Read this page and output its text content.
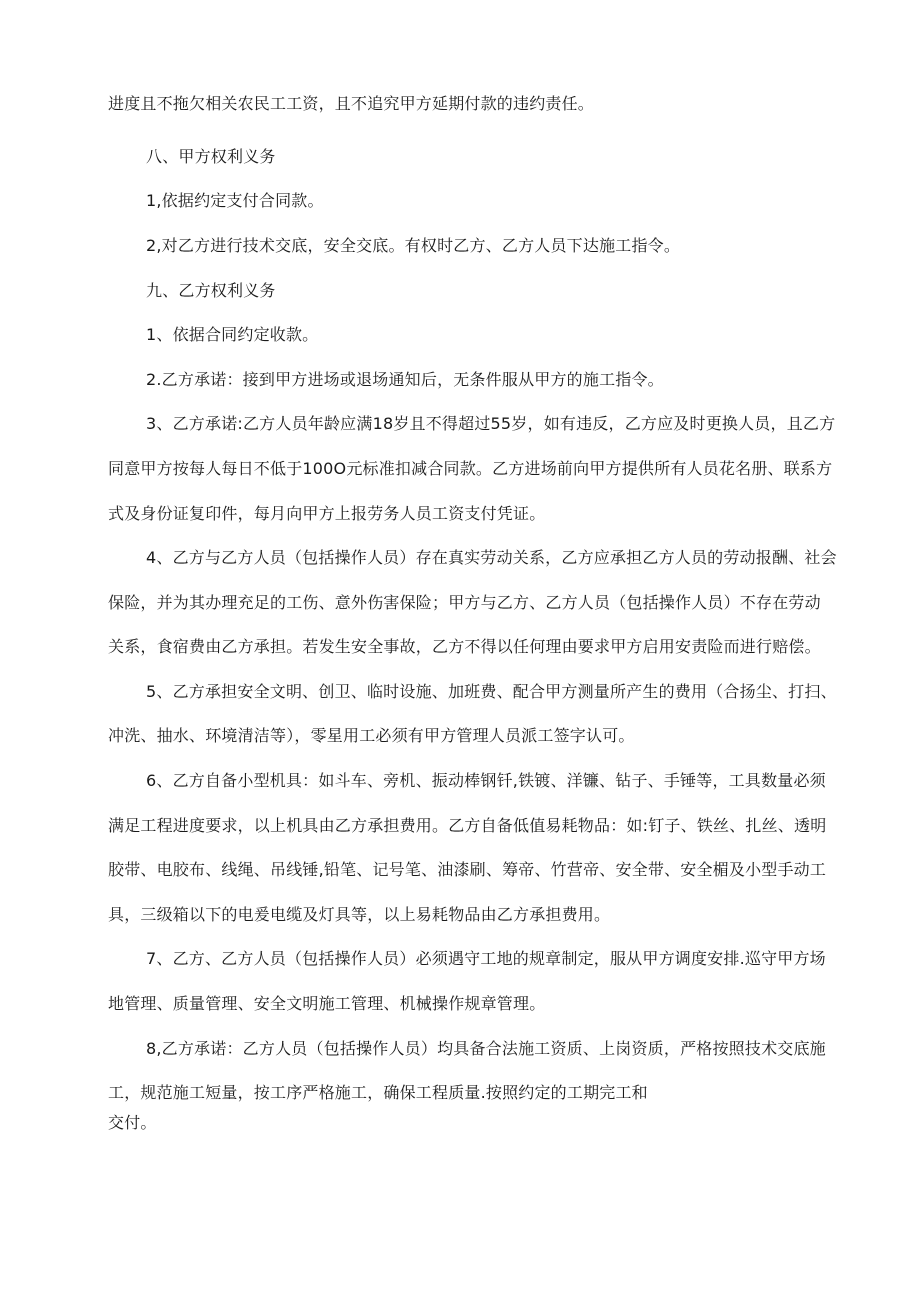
进度且不拖欠相关农民工工资，且不追究甲方延期付款的违约责任。
八、甲方权利义务
1,依据约定支付合同款。
2,对乙方进行技术交底，安全交底。有权时乙方、乙方人员下达施工指令。
九、乙方权利义务
1、依据合同约定收款。
2.乙方承诺：接到甲方进场或退场通知后，无条件服从甲方的施工指令。
3、乙方承诺:乙方人员年龄应满18岁且不得超过55岁，如有违反，乙方应及时更换人员，且乙方
同意甲方按每人每日不低于100O元标准扣减合同款。乙方进场前向甲方提供所有人员花名册、联系方
式及身份证复印件，每月向甲方上报劳务人员工资支付凭证。
4、乙方与乙方人员（包括操作人员）存在真实劳动关系，乙方应承担乙方人员的劳动报酬、社会
保险，并为其办理充足的工伤、意外伤害保险；甲方与乙方、乙方人员（包括操作人员）不存在劳动
关系，食宿费由乙方承担。若发生安全事故，乙方不得以任何理由要求甲方启用安责险而进行赔偿。
5、乙方承担安全文明、创卫、临时设施、加班费、配合甲方测量所产生的费用（合扬尘、打扫、
冲洗、抽水、环境清洁等），零星用工必须有甲方管理人员派工签字认可。
6、乙方自备小型机具：如斗车、旁机、振动棒钢钎,铁镀、洋镰、钻子、手锤等，工具数量必须
满足工程进度要求，以上机具由乙方承担费用。乙方自备低值易耗物品：如:钉子、铁丝、扎丝、透明
胶带、电胶布、线绳、吊线锤,铅笔、记号笔、油漆刷、筹帝、竹营帝、安全带、安全楣及小型手动工
具，三级箱以下的电爰电缆及灯具等，以上易耗物品由乙方承担费用。
7、乙方、乙方人员（包括操作人员）必须遇守工地的规章制定，服从甲方调度安排.巡守甲方场
地管理、质量管理、安全文明施工管理、机械操作规章管理。
8,乙方承诺：乙方人员（包括操作人员）均具备合法施工资质、上岗资质，严格按照技术交底施
工，规范施工短量，按工序严格施工，确保工程质量.按照约定的工期完工和
交付。
